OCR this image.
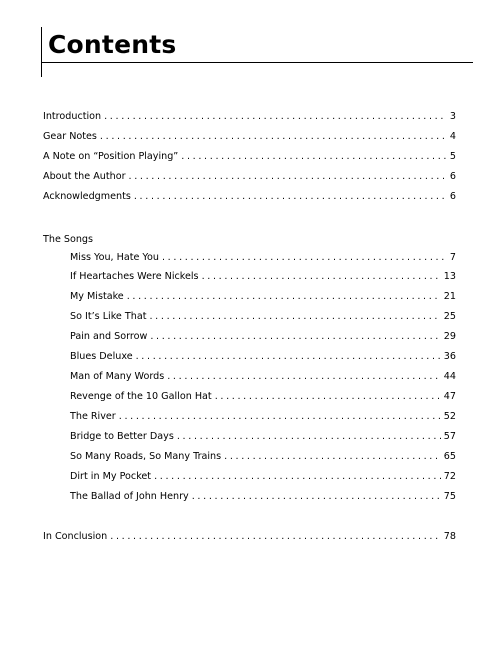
Contents
Introduction . . .	3
Gear Notes . . .	4
A Note on “Position Playing” . . .	5
About the Author . . .	6
Acknowledgments . . .	6
The Songs
Miss You, Hate You . . .	7
If Heartaches Were Nickels . . .	13
My Mistake . . .	21
So It’s Like That . . .	25
Pain and Sorrow . . .	29
Blues Deluxe . . .	36
Man of Many Words . . .	44
Revenge of the 10 Gallon Hat . . .	47
The River . . .	52
Bridge to Better Days . . .	57
So Many Roads, So Many Trains . . .	65
Dirt in My Pocket . . .	72
The Ballad of John Henry . . .	75
In Conclusion . . .	78
